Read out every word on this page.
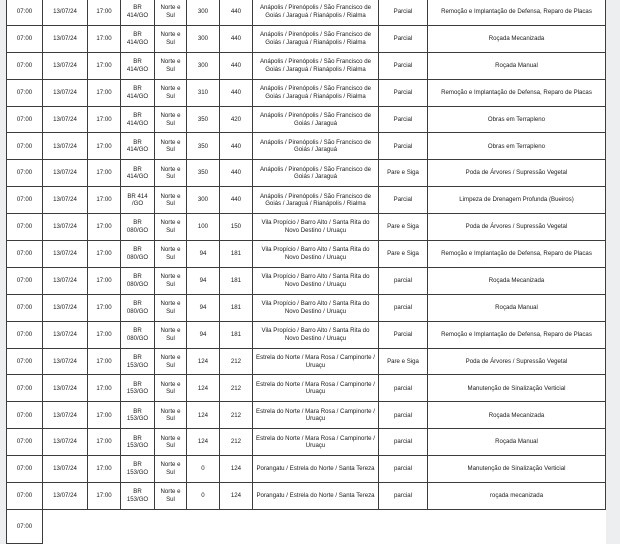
07:00	13/07/24	17:00	BR 414/GO	Norte e Sul	300	440	Anápolis / Pirenópolis / São Francisco de Goiás / Jaraguá / Rianápolis / Rialma	Parcial	Remoção e Implantação de Defensa, Reparo de Placas
07:00	13/07/24	17:00	BR 414/GO	Norte e Sul	300	440	Anápolis / Pirenópolis / São Francisco de Goiás / Jaraguá / Rianápolis / Rialma	Parcial	Roçada Mecanizada
07:00	13/07/24	17:00	BR 414/GO	Norte e Sul	300	440	Anápolis / Pirenópolis / São Francisco de Goiás / Jaraguá / Rianápolis / Rialma	Parcial	Roçada Manual
07:00	13/07/24	17:00	BR 414/GO	Norte e Sul	310	440	Anápolis / Pirenópolis / São Francisco de Goiás / Jaraguá / Rianápolis / Rialma	Parcial	Remoção e Implantação de Defensa, Reparo de Placas
07:00	13/07/24	17:00	BR 414/GO	Norte e Sul	350	420	Anápolis / Pirenópolis / São Francisco de Goiás / Jaraguá	Parcial	Obras em Terrapleno
07:00	13/07/24	17:00	BR 414/GO	Norte e Sul	350	440	Anápolis / Pirenópolis / São Francisco de Goiás / Jaraguá	Parcial	Obras em Terrapleno
07:00	13/07/24	17:00	BR 414/GO	Norte e Sul	350	440	Anápolis / Pirenópolis / São Francisco de Goiás / Jaraguá	Pare e Siga	Poda de Árvores / Supressão Vegetal
07:00	13/07/24	17:00	BR 414 /GO	Norte e Sul	300	440	Anápolis / Pirenópolis / São Francisco de Goiás / Jaraguá / Rianápolis / Rialma	Parcial	Limpeza de Drenagem Profunda (Bueiros)
07:00	13/07/24	17:00	BR 080/GO	Norte e Sul	100	150	Vila Propício / Barro Alto / Santa Rita do Novo Destino / Uruaçu	Pare e Siga	Poda de Árvores / Supressão Vegetal
07:00	13/07/24	17:00	BR 080/GO	Norte e Sul	94	181	Vila Propício / Barro Alto / Santa Rita do Novo Destino / Uruaçu	Pare e Siga	Remoção e Implantação de Defensa, Reparo de Placas
07:00	13/07/24	17:00	BR 080/GO	Norte e Sul	94	181	Vila Propício / Barro Alto / Santa Rita do Novo Destino / Uruaçu	parcial	Roçada Mecanizada
07:00	13/07/24	17:00	BR 080/GO	Norte e Sul	94	181	Vila Propício / Barro Alto / Santa Rita do Novo Destino / Uruaçu	parcial	Roçada Manual
07:00	13/07/24	17:00	BR 080/GO	Norte e Sul	94	181	Vila Propício / Barro Alto / Santa Rita do Novo Destino / Uruaçu	Parcial	Remoção e Implantação de Defensa, Reparo de Placas
07:00	13/07/24	17:00	BR 153/GO	Norte e Sul	124	212	Estrela do Norte / Mara Rosa / Campinorte / Uruaçu	Pare e Siga	Poda de Árvores / Supressão Vegetal
07:00	13/07/24	17:00	BR 153/GO	Norte e Sul	124	212	Estrela do Norte / Mara Rosa / Campinorte / Uruaçu	parcial	Manutenção de Sinalização Verticial
07:00	13/07/24	17:00	BR 153/GO	Norte e Sul	124	212	Estrela do Norte / Mara Rosa / Campinorte / Uruaçu	parcial	Roçada Mecanizada
07:00	13/07/24	17:00	BR 153/GO	Norte e Sul	124	212	Estrela do Norte / Mara Rosa / Campinorte / Uruaçu	parcial	Roçada Manual
07:00	13/07/24	17:00	BR 153/GO	Norte e Sul	0	124	Porangatu / Estrela do Norte / Santa Tereza	parcial	Manutenção de Sinalização Verticial
07:00	13/07/24	17:00	BR 153/GO	Norte e Sul	0	124	Porangatu / Estrela do Norte / Santa Tereza	parcial	roçada mecanizada
07:00									
